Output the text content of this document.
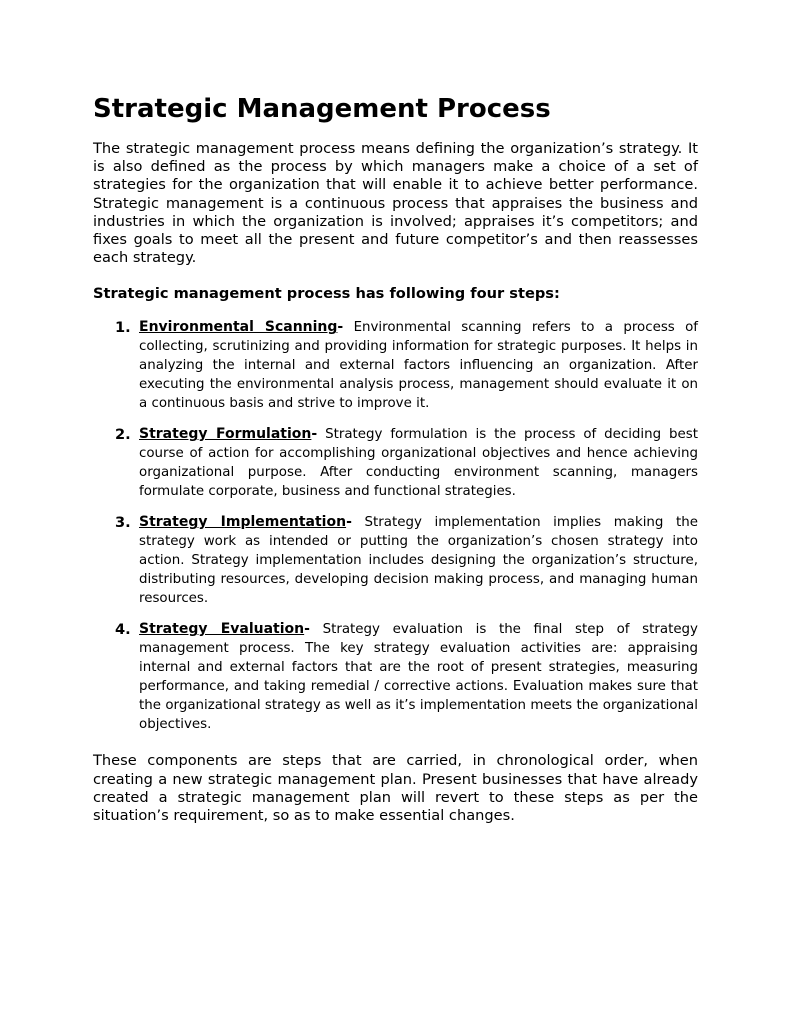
Strategic Management Process

The strategic management process means defining the organization’s strategy. It is also defined as the process by which managers make a choice of a set of strategies for the organization that will enable it to achieve better performance. Strategic management is a continuous process that appraises the business and industries in which the organization is involved; appraises it’s competitors; and fixes goals to meet all the present and future competitor’s and then reassesses each strategy.

Strategic management process has following four steps:

1. Environmental Scanning- Environmental scanning refers to a process of collecting, scrutinizing and providing information for strategic purposes. It helps in analyzing the internal and external factors influencing an organization. After executing the environmental analysis process, management should evaluate it on a continuous basis and strive to improve it.
2. Strategy Formulation- Strategy formulation is the process of deciding best course of action for accomplishing organizational objectives and hence achieving organizational purpose. After conducting environment scanning, managers formulate corporate, business and functional strategies.
3. Strategy Implementation- Strategy implementation implies making the strategy work as intended or putting the organization’s chosen strategy into action. Strategy implementation includes designing the organization’s structure, distributing resources, developing decision making process, and managing human resources.
4. Strategy Evaluation- Strategy evaluation is the final step of strategy management process. The key strategy evaluation activities are: appraising internal and external factors that are the root of present strategies, measuring performance, and taking remedial / corrective actions. Evaluation makes sure that the organizational strategy as well as it’s implementation meets the organizational objectives.

These components are steps that are carried, in chronological order, when creating a new strategic management plan. Present businesses that have already created a strategic management plan will revert to these steps as per the situation’s requirement, so as to make essential changes.
